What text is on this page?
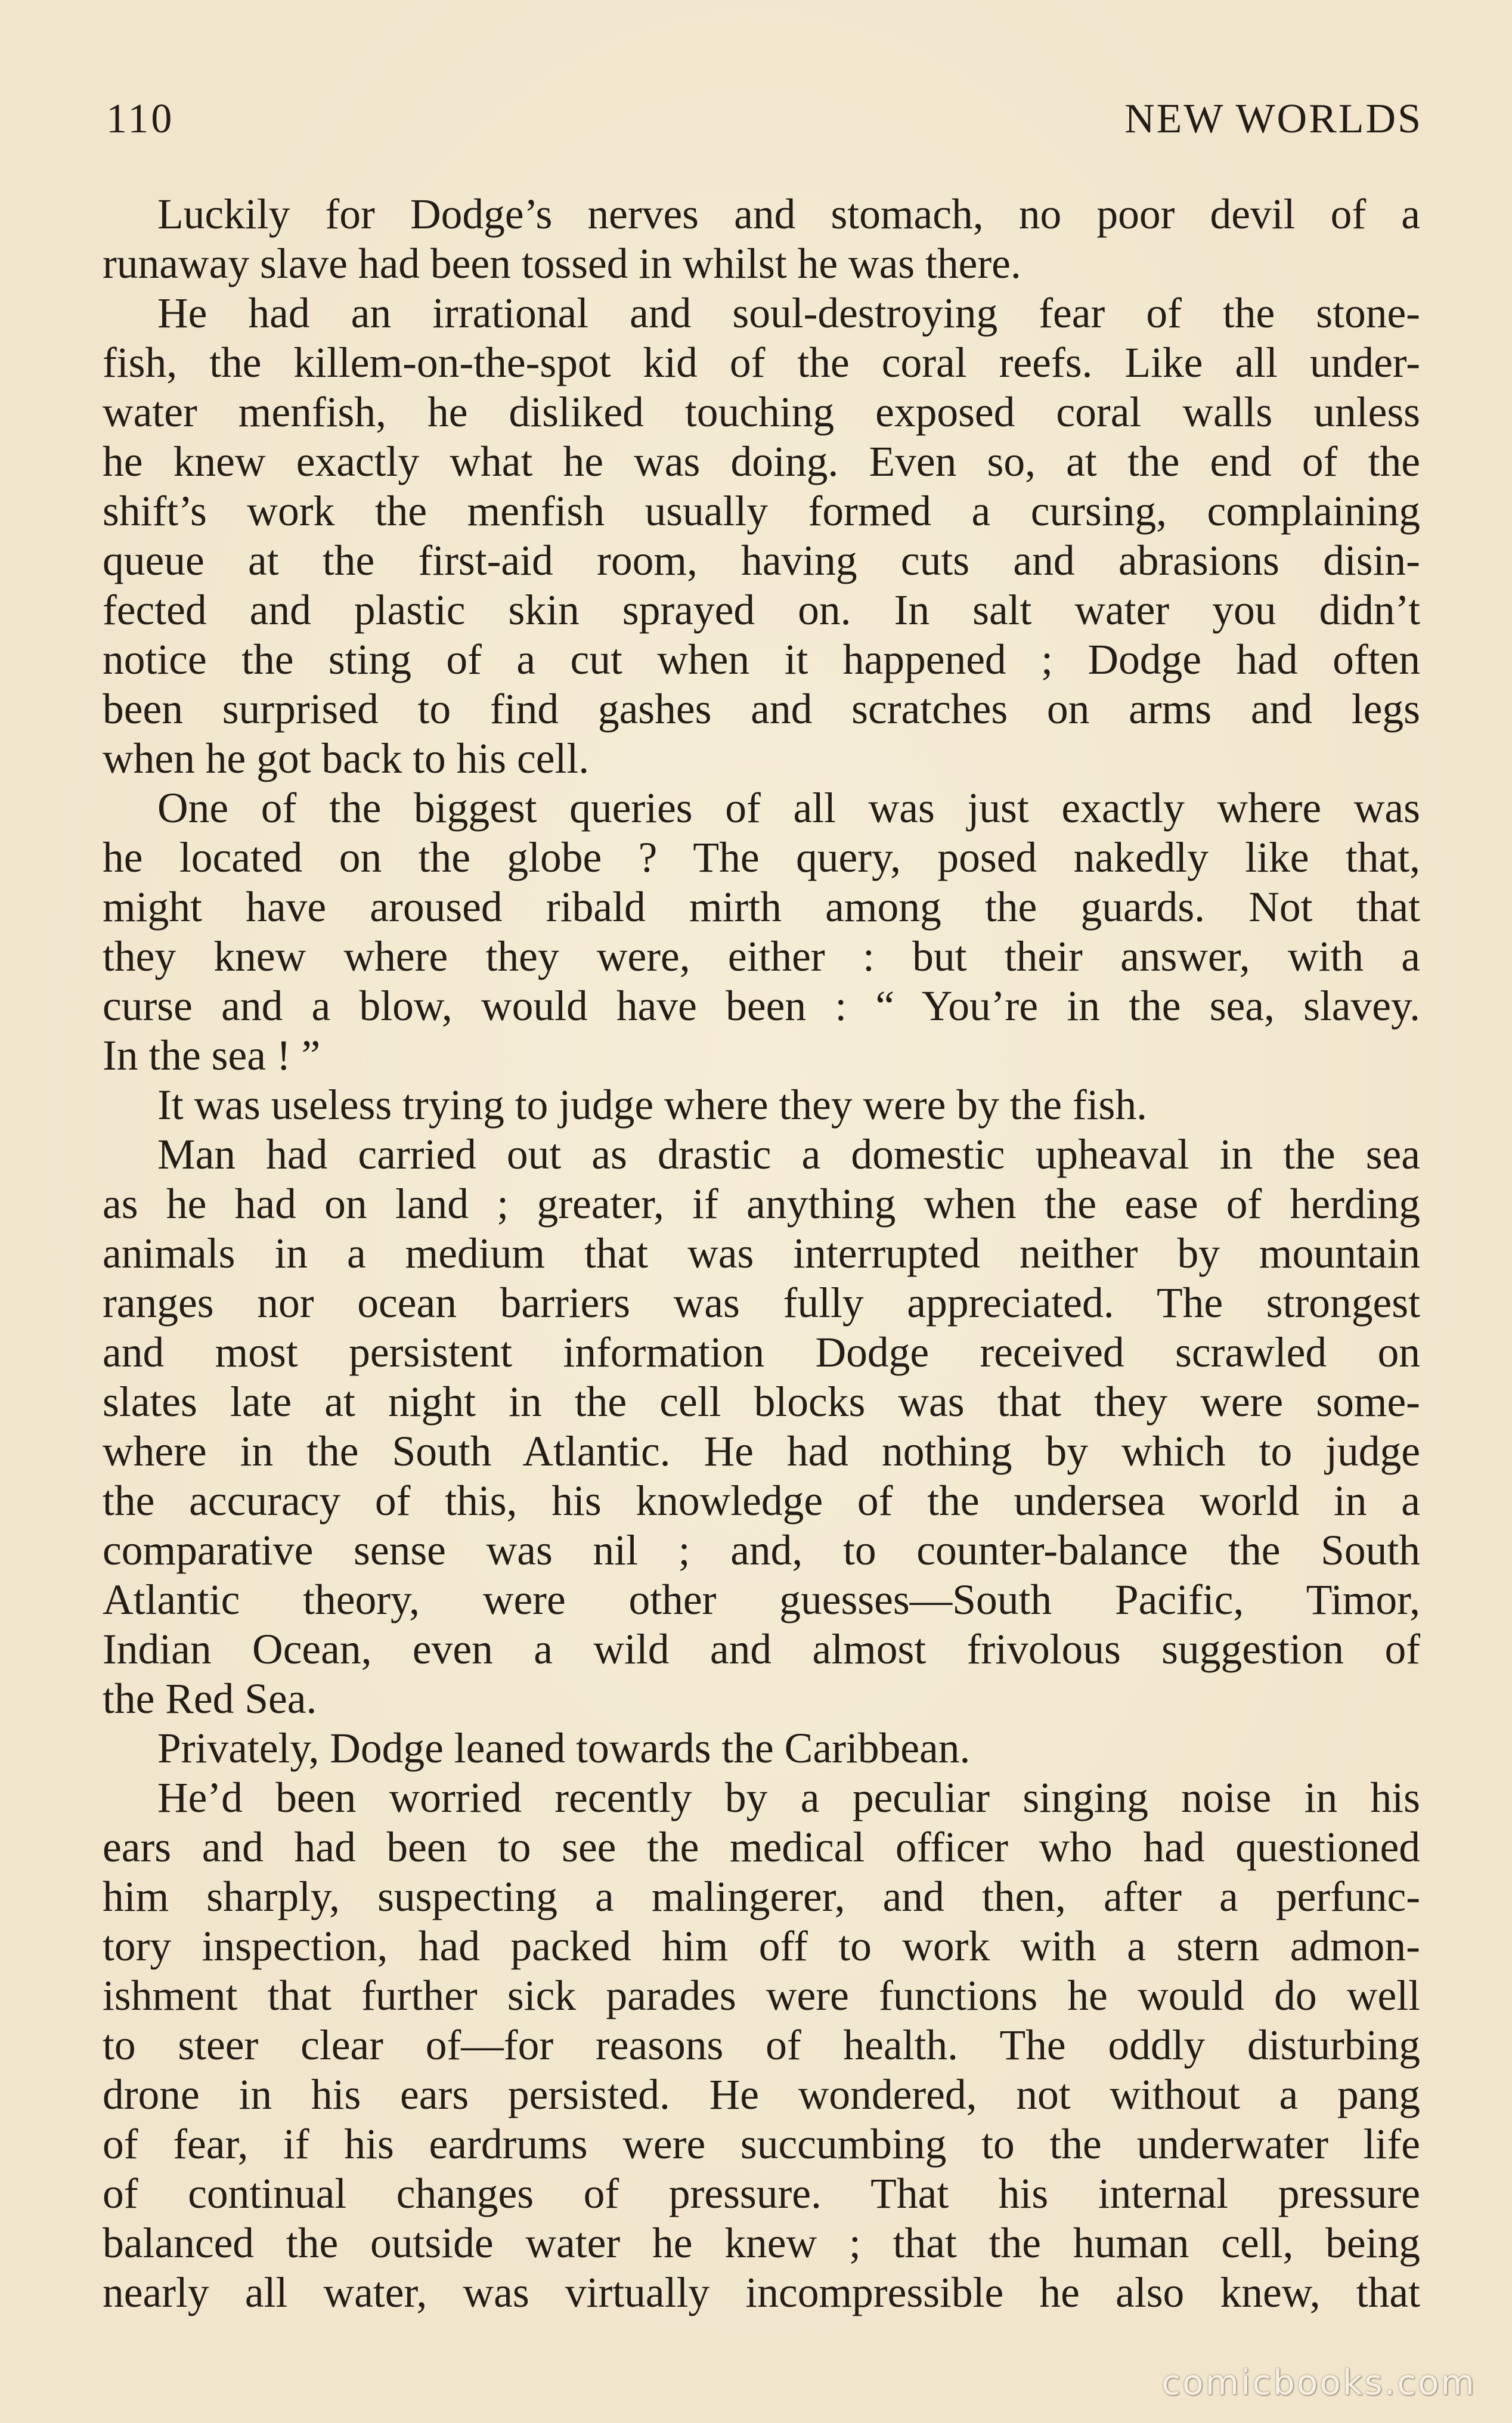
110	NEW WORLDS
Luckily for Dodge’s nerves and stomach, no poor devil of a
runaway slave had been tossed in whilst he was there.
He had an irrational and soul-destroying fear of the stone-
fish, the killem-on-the-spot kid of the coral reefs. Like all under-
water menfish, he disliked touching exposed coral walls unless
he knew exactly what he was doing. Even so, at the end of the
shift’s work the menfish usually formed a cursing, complaining
queue at the first-aid room, having cuts and abrasions disin-
fected and plastic skin sprayed on. In salt water you didn’t
notice the sting of a cut when it happened ; Dodge had often
been surprised to find gashes and scratches on arms and legs
when he got back to his cell.
One of the biggest queries of all was just exactly where was
he located on the globe ? The query, posed nakedly like that,
might have aroused ribald mirth among the guards. Not that
they knew where they were, either : but their answer, with a
curse and a blow, would have been : “ You’re in the sea, slavey.
In the sea ! ”
It was useless trying to judge where they were by the fish.
Man had carried out as drastic a domestic upheaval in the sea
as he had on land ; greater, if anything when the ease of herding
animals in a medium that was interrupted neither by mountain
ranges nor ocean barriers was fully appreciated. The strongest
and most persistent information Dodge received scrawled on
slates late at night in the cell blocks was that they were some-
where in the South Atlantic. He had nothing by which to judge
the accuracy of this, his knowledge of the undersea world in a
comparative sense was nil ; and, to counter-balance the South
Atlantic theory, were other guesses—South Pacific, Timor,
Indian Ocean, even a wild and almost frivolous suggestion of
the Red Sea.
Privately, Dodge leaned towards the Caribbean.
He’d been worried recently by a peculiar singing noise in his
ears and had been to see the medical officer who had questioned
him sharply, suspecting a malingerer, and then, after a perfunc-
tory inspection, had packed him off to work with a stern admon-
ishment that further sick parades were functions he would do well
to steer clear of—for reasons of health. The oddly disturbing
drone in his ears persisted. He wondered, not without a pang
of fear, if his eardrums were succumbing to the underwater life
of continual changes of pressure. That his internal pressure
balanced the outside water he knew ; that the human cell, being
nearly all water, was virtually incompressible he also knew, that
comicbooks.com
